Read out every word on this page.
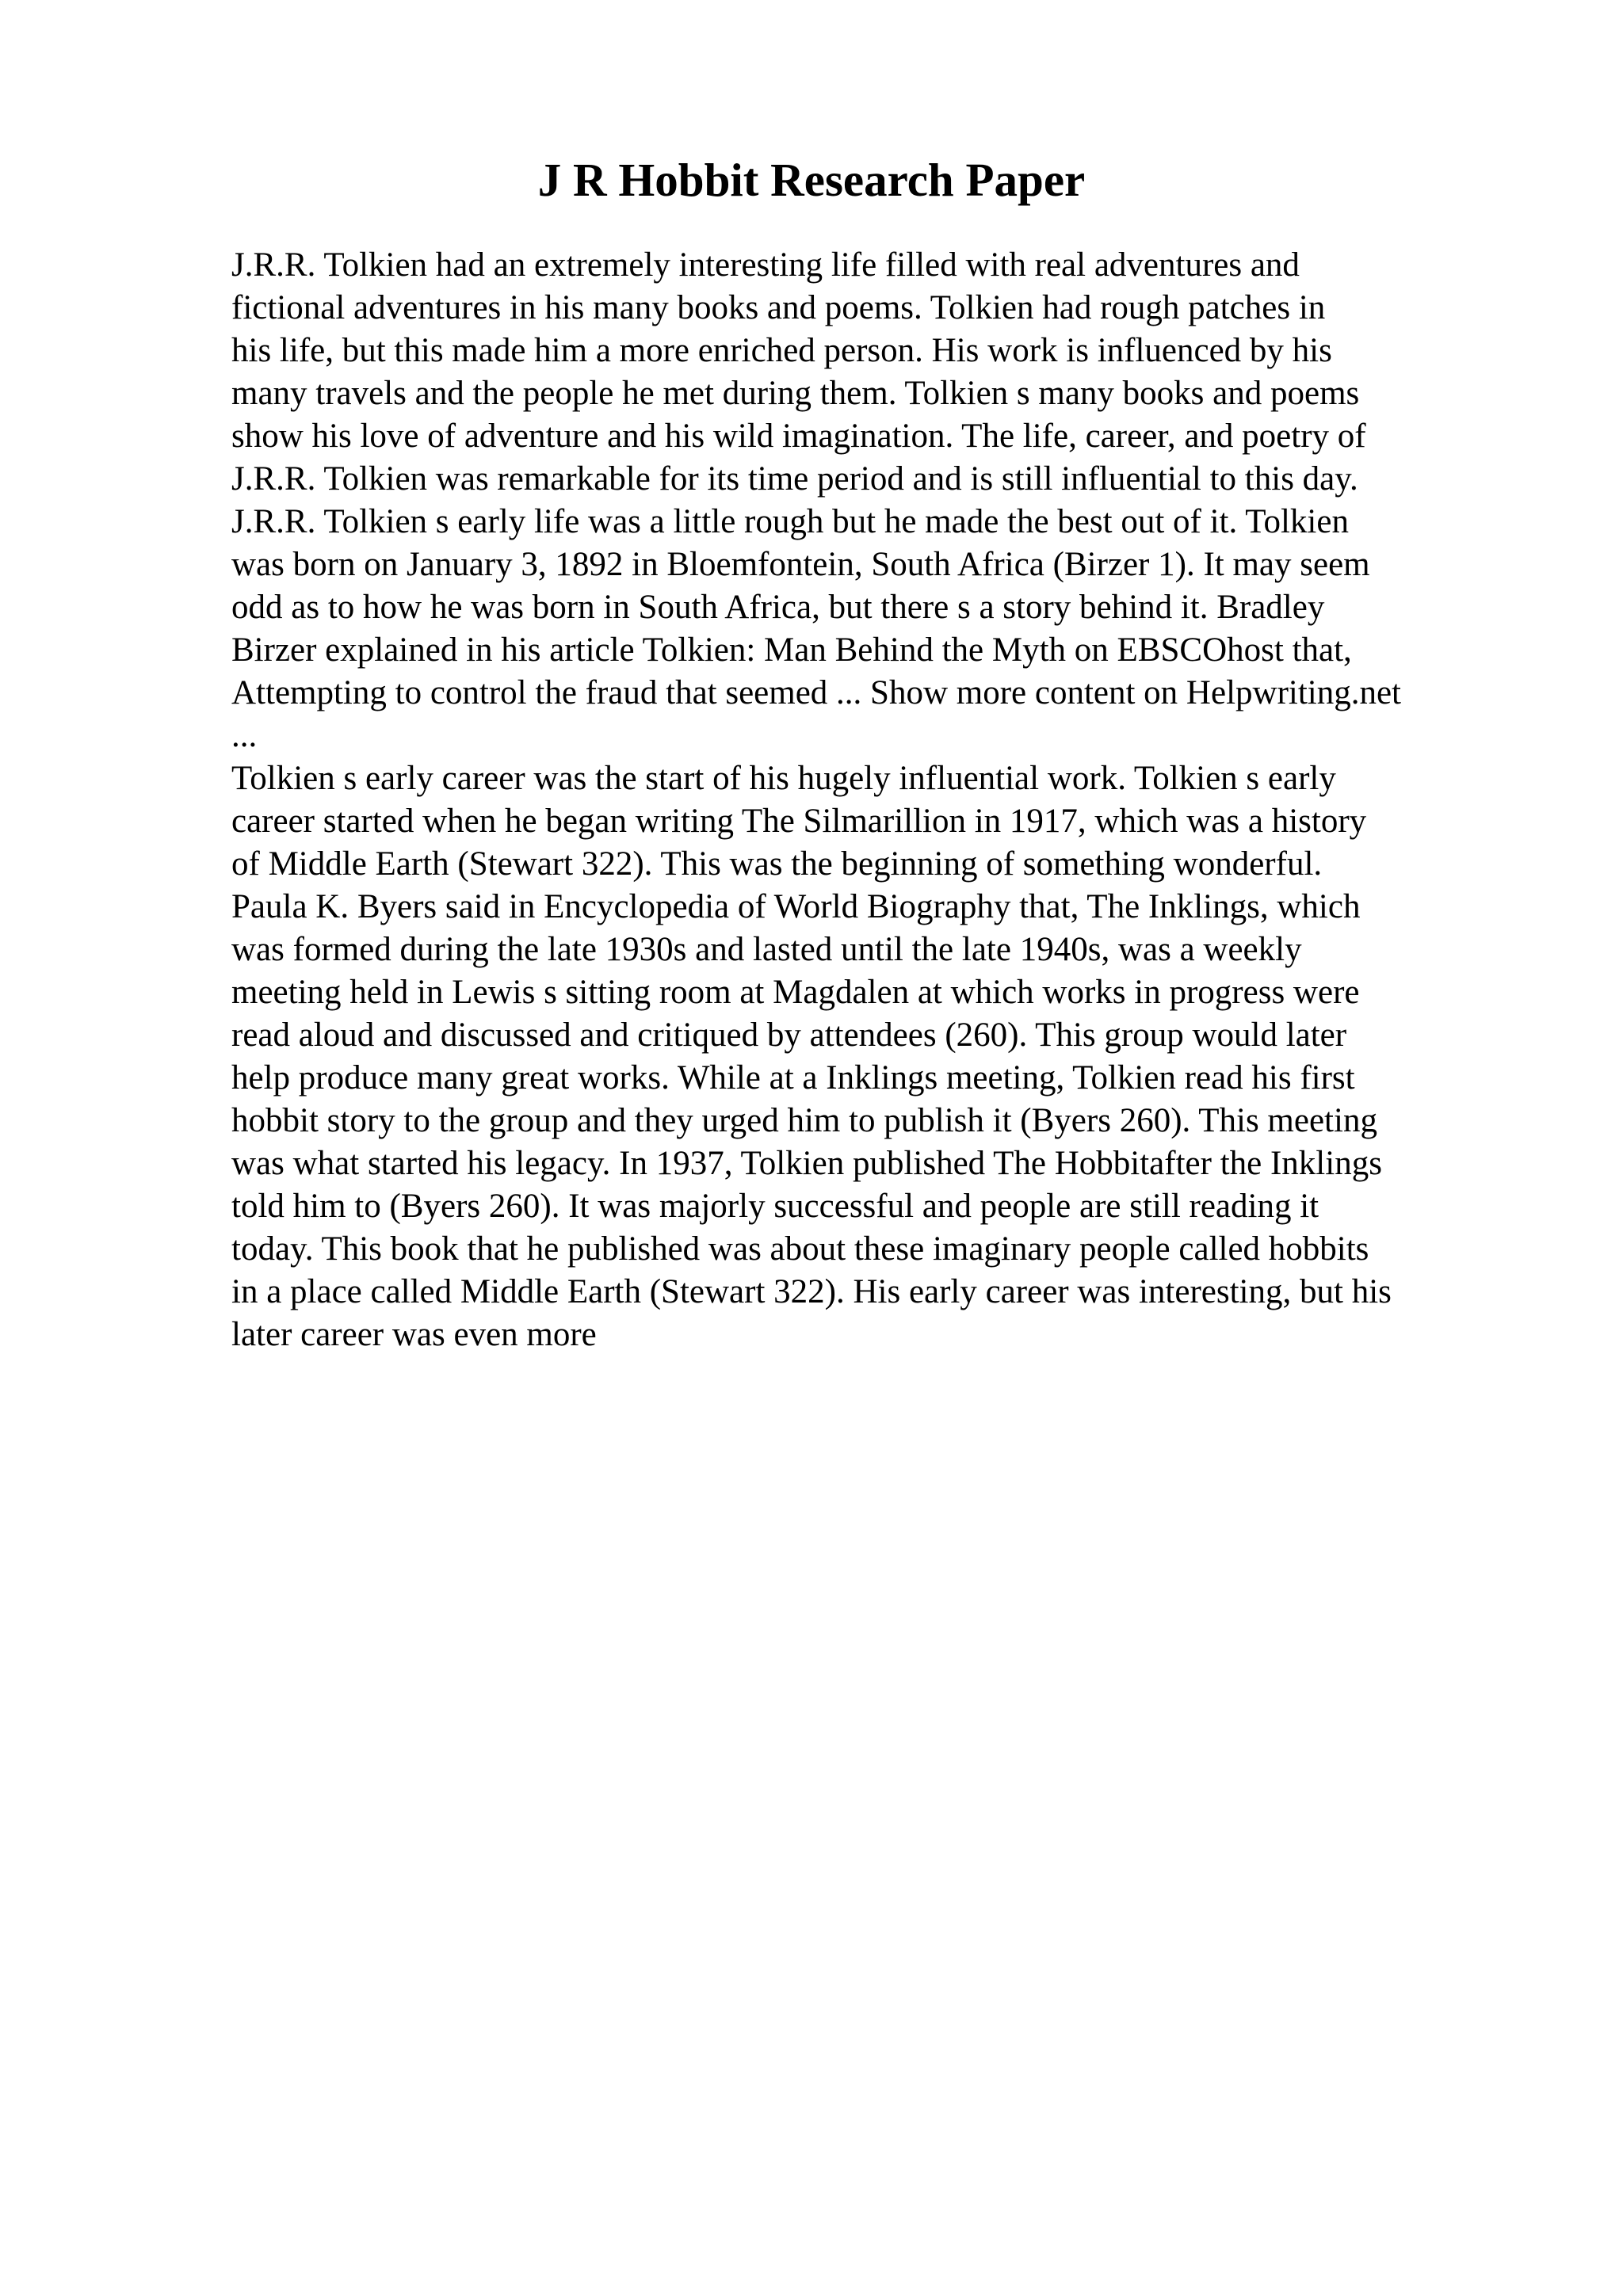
J R Hobbit Research Paper
J.R.R. Tolkien had an extremely interesting life filled with real adventures and
fictional adventures in his many books and poems. Tolkien had rough patches in
his life, but this made him a more enriched person. His work is influenced by his
many travels and the people he met during them. Tolkien s many books and poems
show his love of adventure and his wild imagination. The life, career, and poetry of
J.R.R. Tolkien was remarkable for its time period and is still influential to this day.
J.R.R. Tolkien s early life was a little rough but he made the best out of it. Tolkien
was born on January 3, 1892 in Bloemfontein, South Africa (Birzer 1). It may seem
odd as to how he was born in South Africa, but there s a story behind it. Bradley
Birzer explained in his article Tolkien: Man Behind the Myth on EBSCOhost that,
Attempting to control the fraud that seemed ... Show more content on Helpwriting.net
...
Tolkien s early career was the start of his hugely influential work. Tolkien s early
career started when he began writing The Silmarillion in 1917, which was a history
of Middle Earth (Stewart 322). This was the beginning of something wonderful.
Paula K. Byers said in Encyclopedia of World Biography that, The Inklings, which
was formed during the late 1930s and lasted until the late 1940s, was a weekly
meeting held in Lewis s sitting room at Magdalen at which works in progress were
read aloud and discussed and critiqued by attendees (260). This group would later
help produce many great works. While at a Inklings meeting, Tolkien read his first
hobbit story to the group and they urged him to publish it (Byers 260). This meeting
was what started his legacy. In 1937, Tolkien published The Hobbitafter the Inklings
told him to (Byers 260). It was majorly successful and people are still reading it
today. This book that he published was about these imaginary people called hobbits
in a place called Middle Earth (Stewart 322). His early career was interesting, but his
later career was even more
